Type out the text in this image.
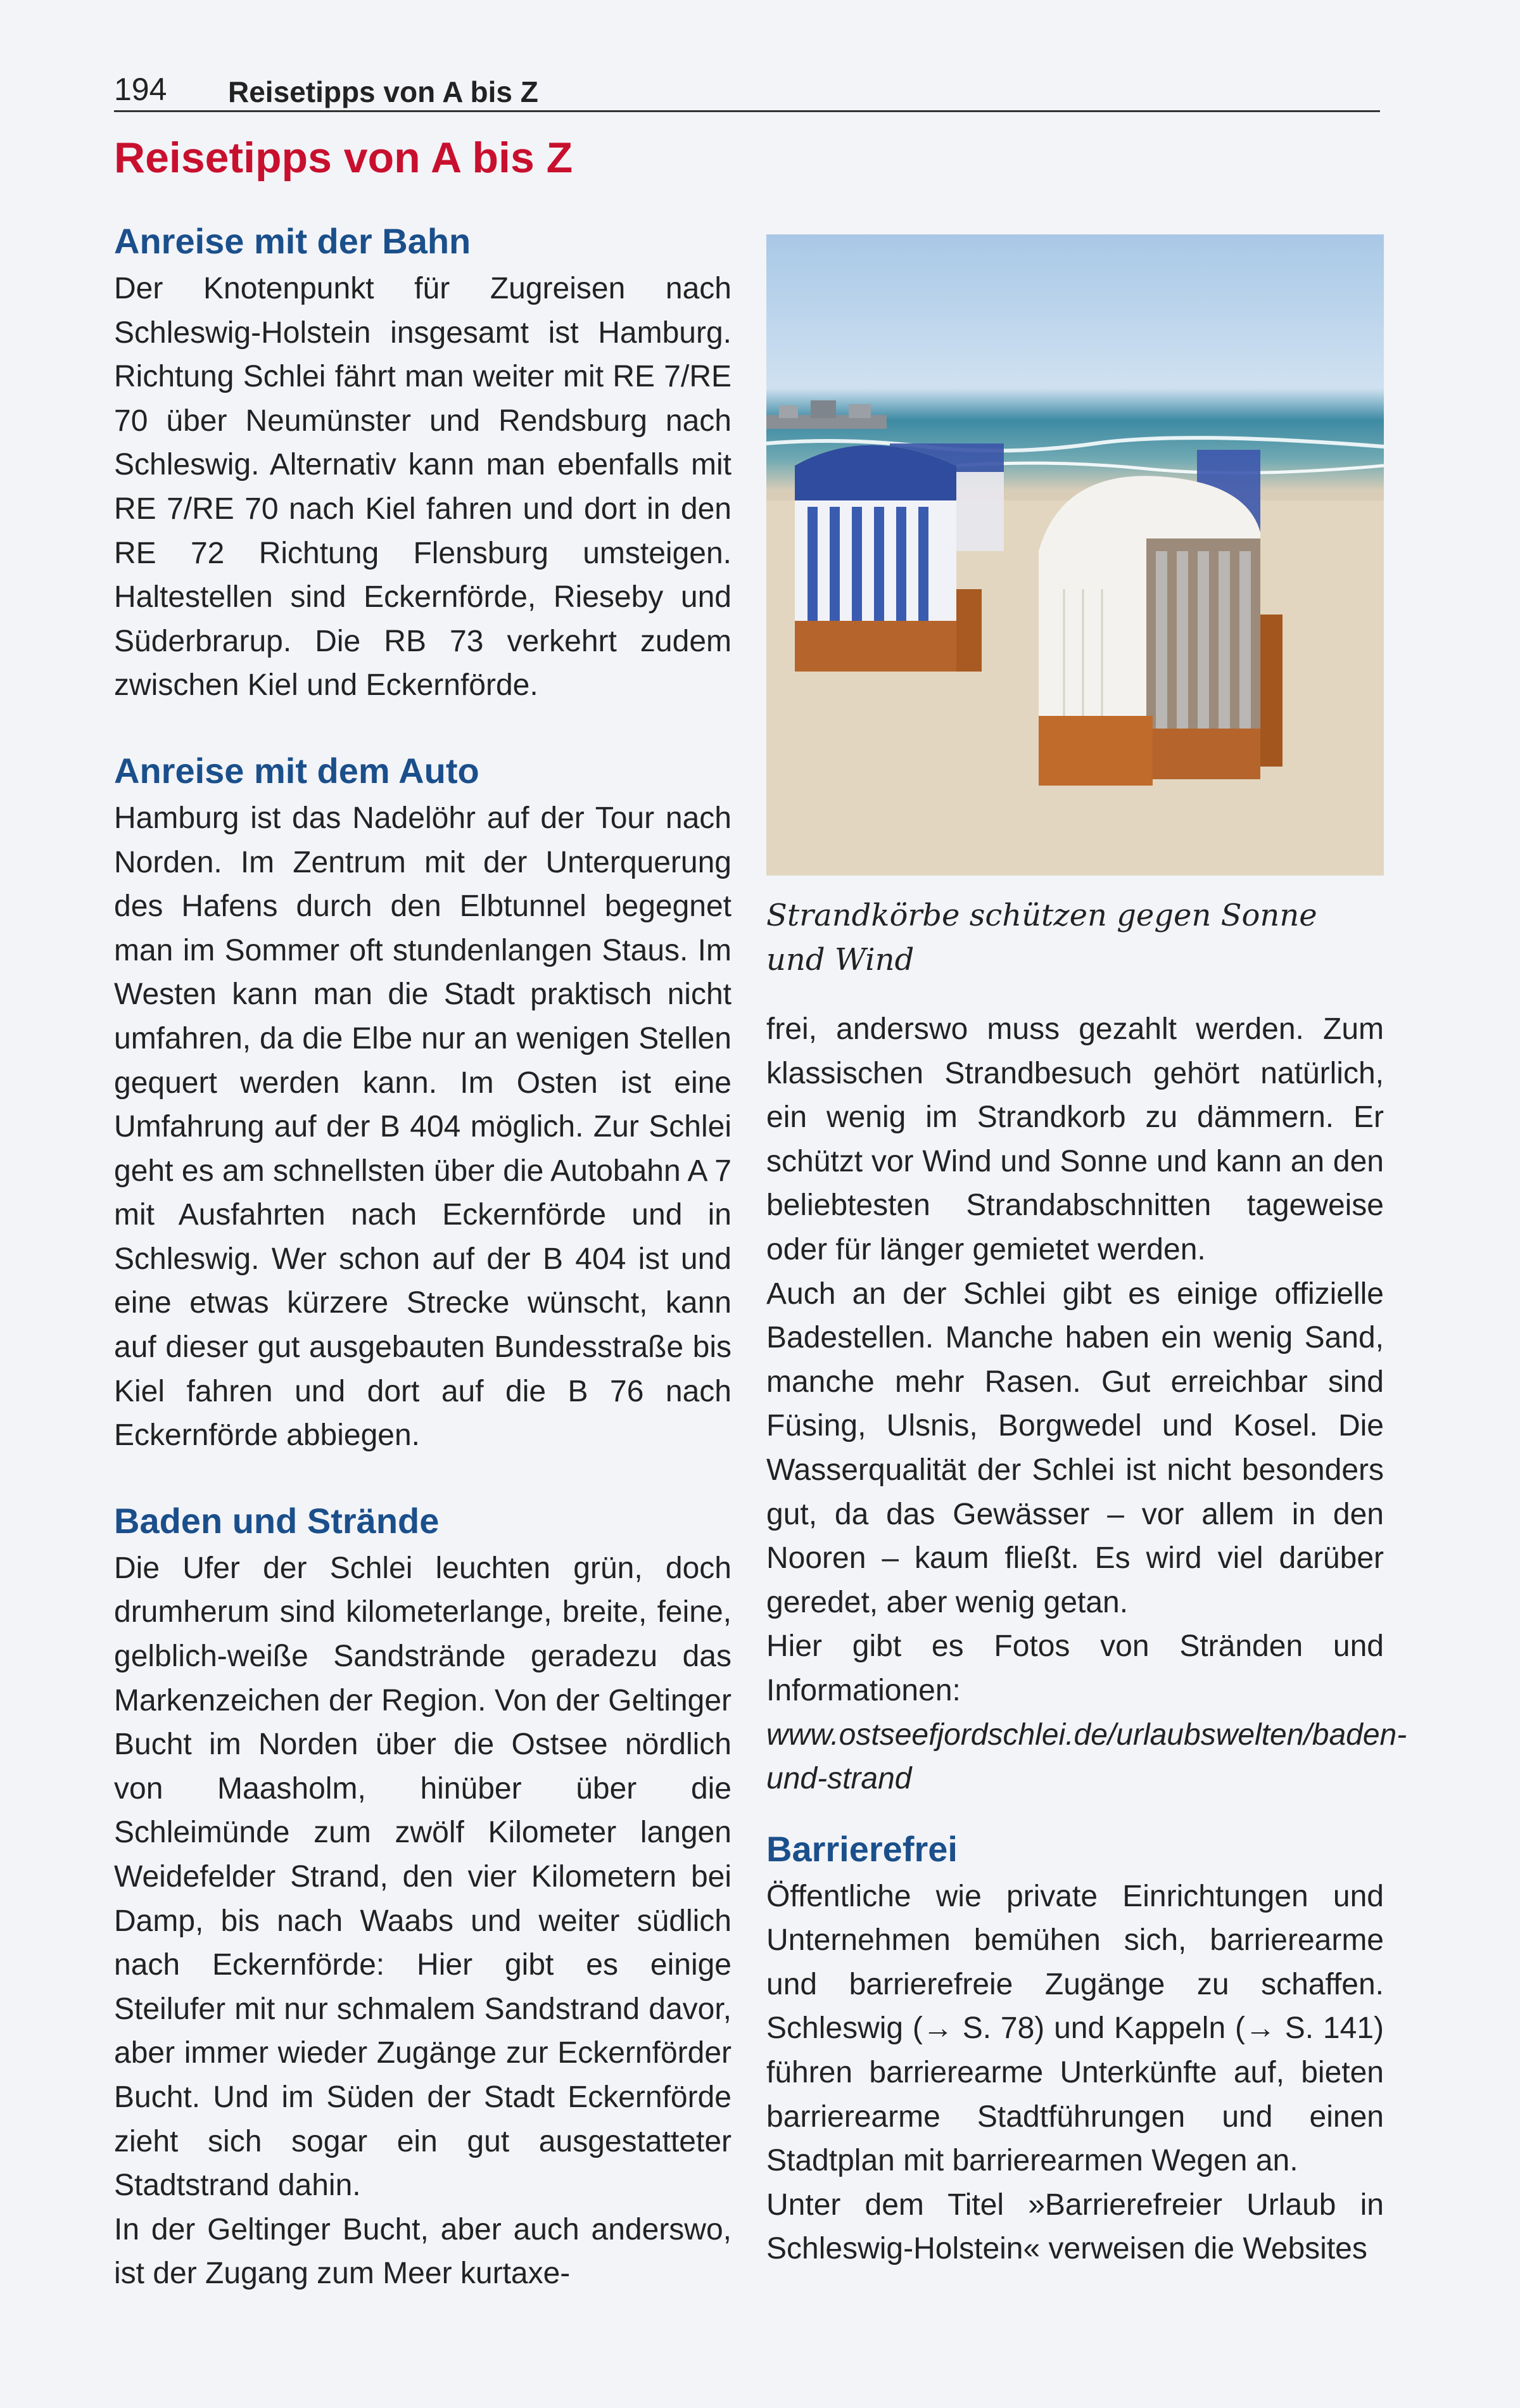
194 Reisetipps von A bis Z
Reisetipps von A bis Z
Anreise mit der Bahn

Der Knotenpunkt für Zugreisen nach Schleswig-Holstein insgesamt ist Hamburg. Richtung Schlei fährt man weiter mit RE 7/RE 70 über Neumünster und Rendsburg nach Schleswig. Alternativ kann man ebenfalls mit RE 7/RE 70 nach Kiel fahren und dort in den RE 72 Richtung Flensburg umsteigen. Haltestellen sind Eckernförde, Rieseby und Süderbrarup. Die RB 73 verkehrt zudem zwischen Kiel und Eckernförde.

Anreise mit dem Auto

Hamburg ist das Nadelöhr auf der Tour nach Norden. Im Zentrum mit der Unterquerung des Hafens durch den Elbtunnel begegnet man im Sommer oft stundenlangen Staus. Im Westen kann man die Stadt praktisch nicht umfahren, da die Elbe nur an wenigen Stellen gequert werden kann. Im Osten ist eine Umfahrung auf der B 404 möglich. Zur Schlei geht es am schnellsten über die Autobahn A 7 mit Ausfahrten nach Eckernförde und in Schleswig. Wer schon auf der B 404 ist und eine etwas kürzere Strecke wünscht, kann auf dieser gut ausgebauten Bundesstraße bis Kiel fahren und dort auf die B 76 nach Eckernförde abbiegen.

Baden und Strände

Die Ufer der Schlei leuchten grün, doch drumherum sind kilometerlange, breite, feine, gelblich-weiße Sandstrände geradezu das Markenzeichen der Region. Von der Geltinger Bucht im Norden über die Ostsee nördlich von Maasholm, hinüber über die Schleimünde zum zwölf Kilometer langen Weidefelder Strand, den vier Kilometern bei Damp, bis nach Waabs und weiter südlich nach Eckernförde: Hier gibt es einige Steilufer mit nur schmalem Sandstrand davor, aber immer wieder Zugänge zur Eckernförder Bucht. Und im Süden der Stadt Eckernförde zieht sich sogar ein gut ausgestatteter Stadtstrand dahin.

In der Geltinger Bucht, aber auch anderswo, ist der Zugang zum Meer kurtaxe-

Strandkörbe schützen gegen Sonne und Wind

frei, anderswo muss gezahlt werden. Zum klassischen Strandbesuch gehört natürlich, ein wenig im Strandkorb zu dämmern. Er schützt vor Wind und Sonne und kann an den beliebtesten Strandabschnitten tageweise oder für länger gemietet werden.

Auch an der Schlei gibt es einige offizielle Badestellen. Manche haben ein wenig Sand, manche mehr Rasen. Gut erreichbar sind Füsing, Ulsnis, Borgwedel und Kosel. Die Wasserqualität der Schlei ist nicht besonders gut, da das Gewässer – vor allem in den Nooren – kaum fließt. Es wird viel darüber geredet, aber wenig getan.

Hier gibt es Fotos von Stränden und Informationen: www.ostseefjordschlei.de/urlaubswelten/baden-und-strand

Barrierefrei

Öffentliche wie private Einrichtungen und Unternehmen bemühen sich, barrierearme und barrierefreie Zugänge zu schaffen. Schleswig (→ S. 78) und Kappeln (→ S. 141) führen barrierearme Unterkünfte auf, bieten barrierearme Stadtführungen und einen Stadtplan mit barrierearmen Wegen an.

Unter dem Titel »Barrierefreier Urlaub in Schleswig-Holstein« verweisen die Websites
